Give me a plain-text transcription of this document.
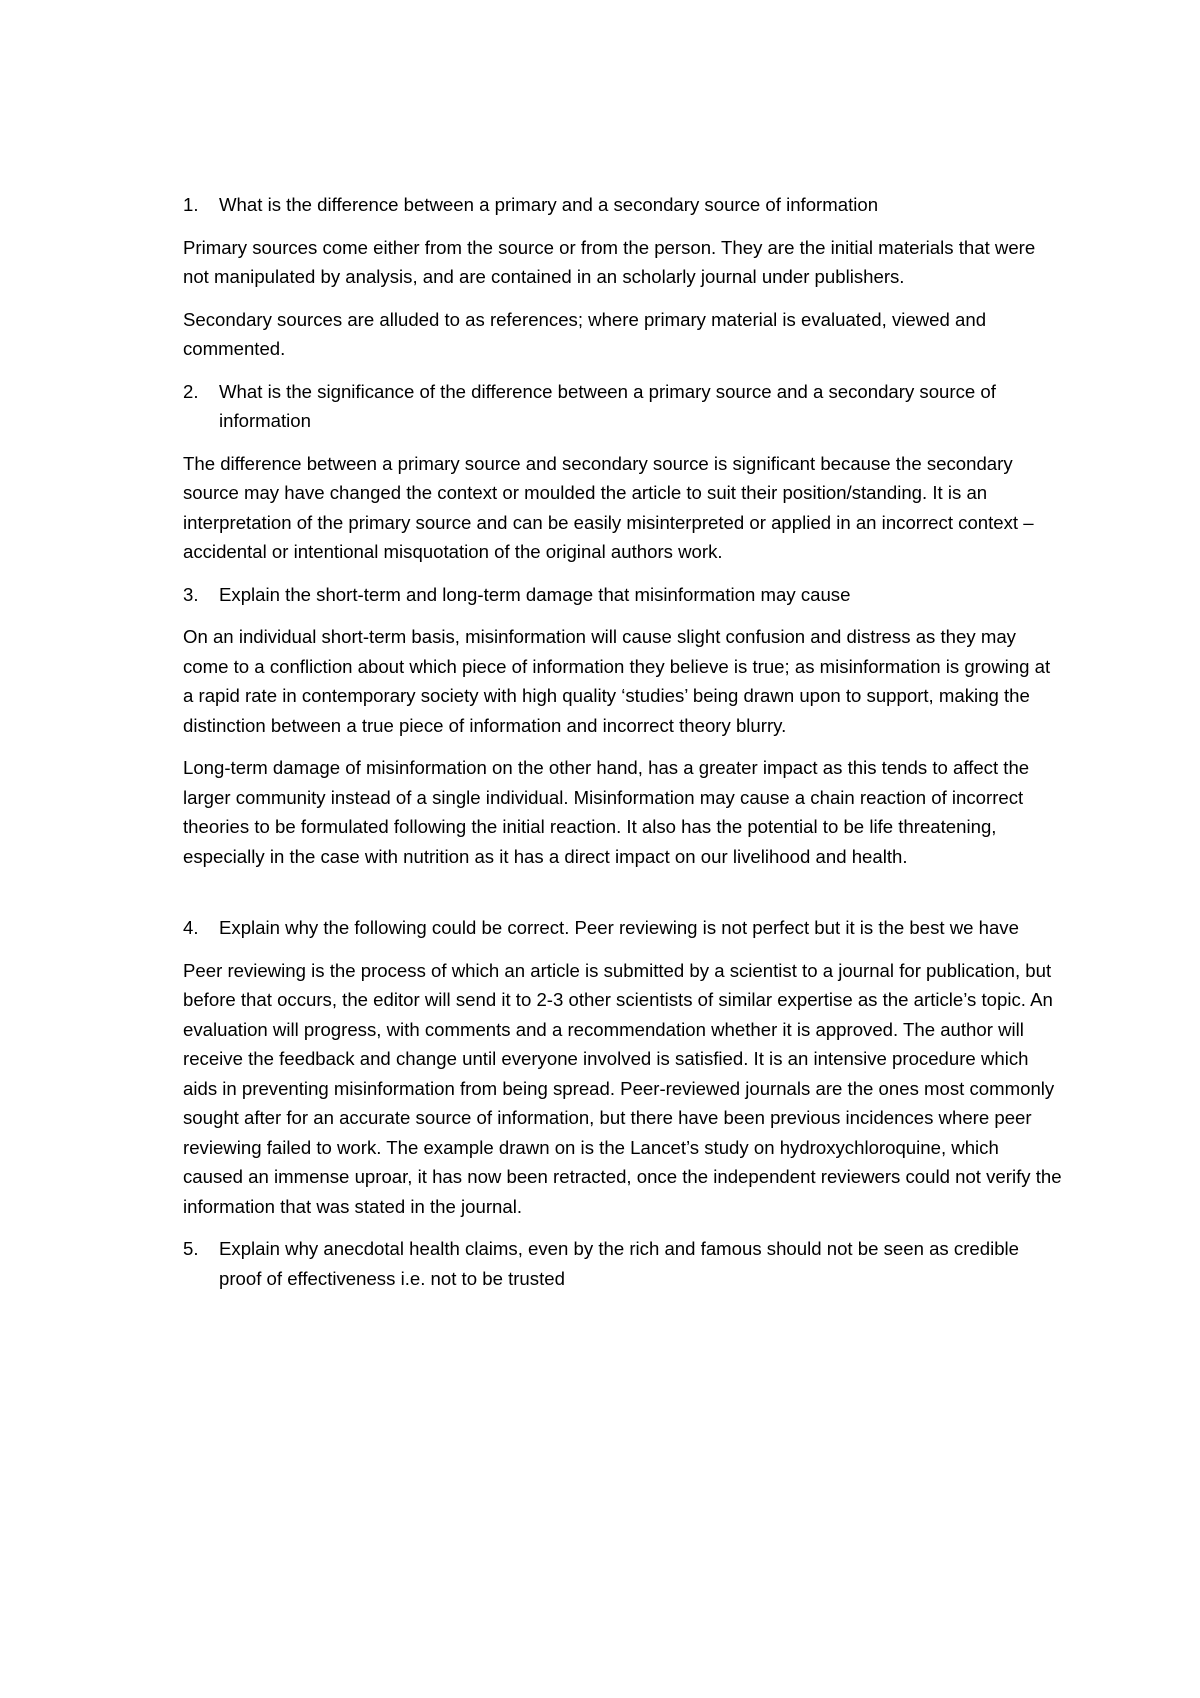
1.	What is the difference between a primary and a secondary source of information

Primary sources come either from the source or from the person. They are the initial materials that were not manipulated by analysis, and are contained in an scholarly journal under publishers.

Secondary sources are alluded to as references; where primary material is evaluated, viewed and commented.

2.	What is the significance of the difference between a primary source and a secondary source of information

The difference between a primary source and secondary source is significant because the secondary source may have changed the context or moulded the article to suit their position/standing. It is an interpretation of the primary source and can be easily misinterpreted or applied in an incorrect context – accidental or intentional misquotation of the original authors work.

3.	Explain the short-term and long-term damage that misinformation may cause

On an individual short-term basis, misinformation will cause slight confusion and distress as they may come to a confliction about which piece of information they believe is true; as misinformation is growing at a rapid rate in contemporary society with high quality ‘studies’ being drawn upon to support, making the distinction between a true piece of information and incorrect theory blurry.

Long-term damage of misinformation on the other hand, has a greater impact as this tends to affect the larger community instead of a single individual. Misinformation may cause a chain reaction of incorrect theories to be formulated following the initial reaction. It also has the potential to be life threatening, especially in the case with nutrition as it has a direct impact on our livelihood and health.

4.	Explain why the following could be correct. Peer reviewing is not perfect but it is the best we have

Peer reviewing is the process of which an article is submitted by a scientist to a journal for publication, but before that occurs, the editor will send it to 2-3 other scientists of similar expertise as the article’s topic. An evaluation will progress, with comments and a recommendation whether it is approved. The author will receive the feedback and change until everyone involved is satisfied. It is an intensive procedure which aids in preventing misinformation from being spread. Peer-reviewed journals are the ones most commonly sought after for an accurate source of information, but there have been previous incidences where peer reviewing failed to work. The example drawn on is the Lancet’s study on hydroxychloroquine, which caused an immense uproar, it has now been retracted, once the independent reviewers could not verify the information that was stated in the journal.

5.	Explain why anecdotal health claims, even by the rich and famous should not be seen as credible proof of effectiveness i.e. not to be trusted
